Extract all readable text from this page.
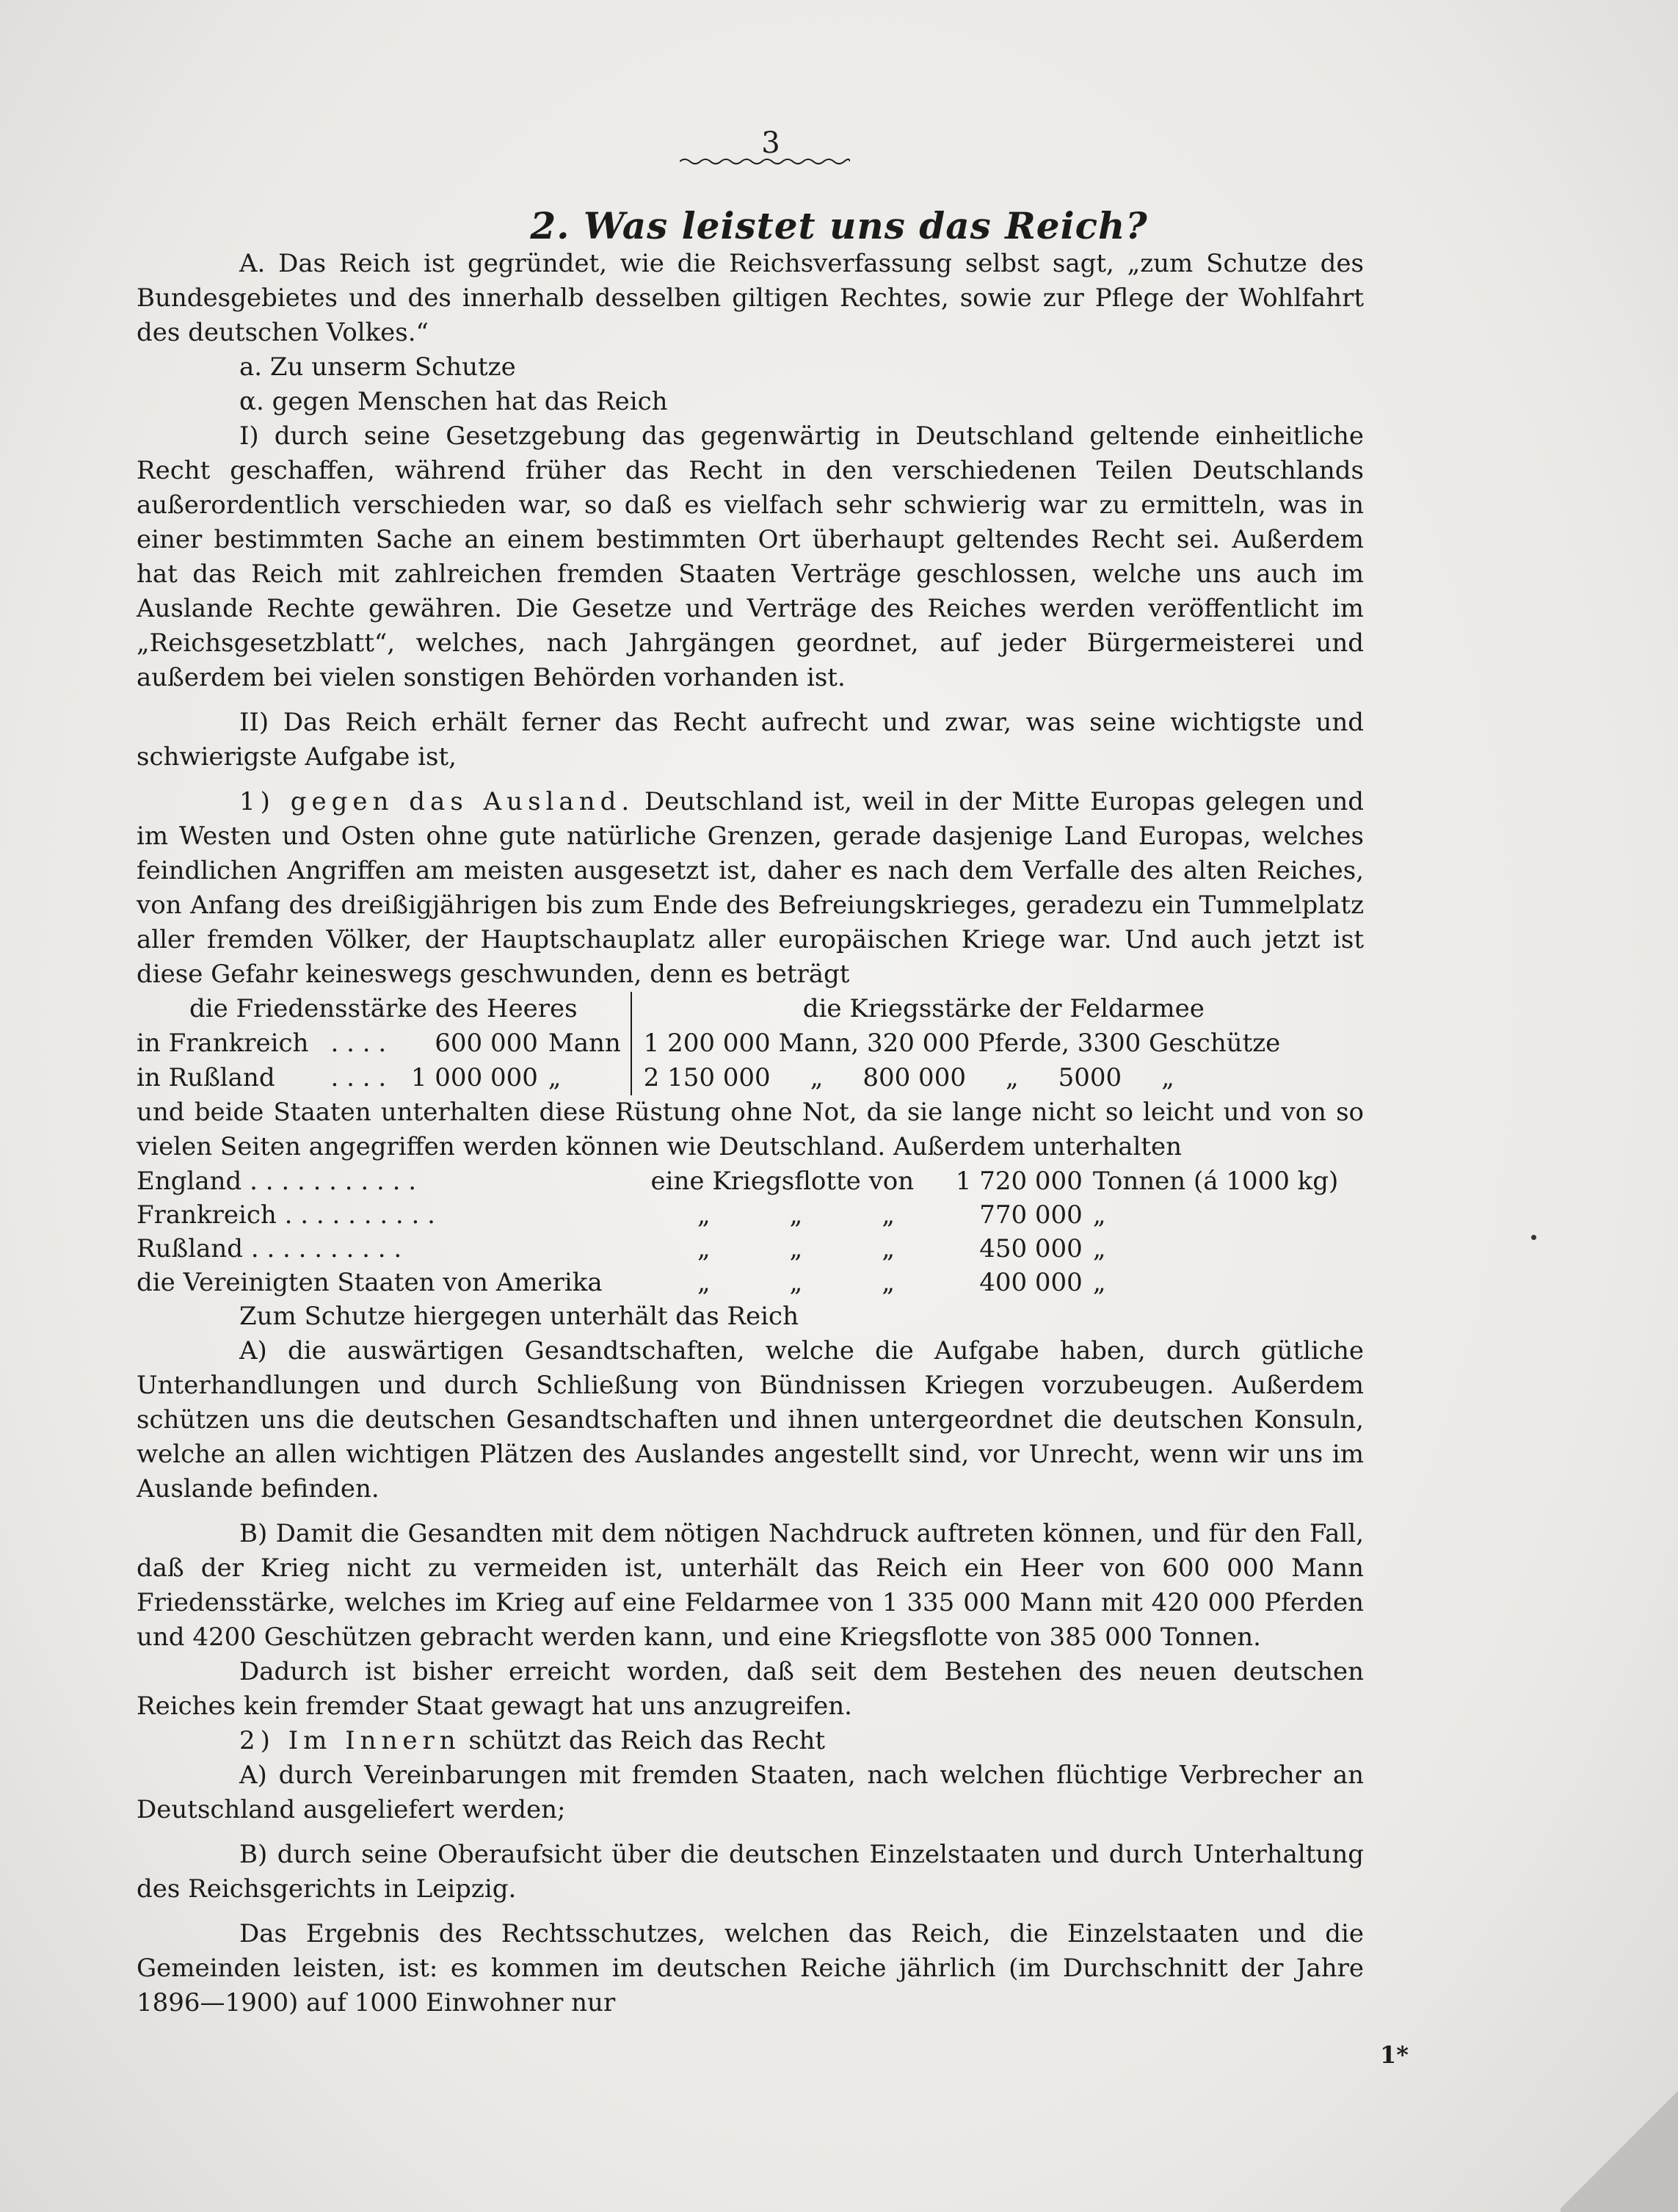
3
2. Was leistet uns das Reich?

A. Das Reich ist gegründet, wie die Reichsverfassung selbst sagt, „zum Schutze des Bundesgebietes und des innerhalb desselben giltigen Rechtes, sowie zur Pflege der Wohlfahrt des deutschen Volkes.“

a. Zu unserm Schutze

α. gegen Menschen hat das Reich

I) durch seine Gesetzgebung das gegenwärtig in Deutschland geltende einheitliche Recht geschaffen, während früher das Recht in den verschiedenen Teilen Deutschlands außerordentlich verschieden war, so daß es vielfach sehr schwierig war zu ermitteln, was in einer bestimmten Sache an einem bestimmten Ort überhaupt geltendes Recht sei. Außerdem hat das Reich mit zahlreichen fremden Staaten Verträge geschlossen, welche uns auch im Auslande Rechte gewähren. Die Gesetze und Verträge des Reiches werden veröffentlicht im „Reichsgesetzblatt“, welches, nach Jahrgängen geordnet, auf jeder Bürgermeisterei und außerdem bei vielen sonstigen Behörden vorhanden ist.

II) Das Reich erhält ferner das Recht aufrecht und zwar, was seine wichtigste und schwierigste Aufgabe ist,

1) gegen das Ausland. Deutschland ist, weil in der Mitte Europas gelegen und im Westen und Osten ohne gute natürliche Grenzen, gerade dasjenige Land Europas, welches feindlichen Angriffen am meisten ausgesetzt ist, daher es nach dem Verfalle des alten Reiches, von Anfang des dreißigjährigen bis zum Ende des Befreiungskrieges, geradezu ein Tummelplatz aller fremden Völker, der Hauptschauplatz aller europäischen Kriege war. Und auch jetzt ist diese Gefahr keineswegs geschwunden, denn es beträgt

die Friedensstärke des Heeres				die Kriegsstärke der Feldarmee
in Frankreich	. . . .	600 000	Mann	1 200 000 Mann, 320 000 Pferde, 3300 Geschütze
in Rußland	. . . .	1 000 000	„	2 150 000     „     800 000     „     5000     „

und beide Staaten unterhalten diese Rüstung ohne Not, da sie lange nicht so leicht und von so vielen Seiten angegriffen werden können wie Deutschland. Außerdem unterhalten

England . . . . . . . . . . .	eine Kriegsflotte von	1 720 000	Tonnen (á 1000 kg)
Frankreich . . . . . . . . . .	„          „          „	770 000	„
Rußland . . . . . . . . . .	„          „          „	450 000	„
die Vereinigten Staaten von Amerika	„          „          „	400 000	„

Zum Schutze hiergegen unterhält das Reich

A) die auswärtigen Gesandtschaften, welche die Aufgabe haben, durch gütliche Unterhandlungen und durch Schließung von Bündnissen Kriegen vorzubeugen. Außerdem schützen uns die deutschen Gesandtschaften und ihnen untergeordnet die deutschen Konsuln, welche an allen wichtigen Plätzen des Auslandes angestellt sind, vor Unrecht, wenn wir uns im Auslande befinden.

B) Damit die Gesandten mit dem nötigen Nachdruck auftreten können, und für den Fall, daß der Krieg nicht zu vermeiden ist, unterhält das Reich ein Heer von 600 000 Mann Friedensstärke, welches im Krieg auf eine Feldarmee von 1 335 000 Mann mit 420 000 Pferden und 4200 Geschützen gebracht werden kann, und eine Kriegsflotte von 385 000 Tonnen.

Dadurch ist bisher erreicht worden, daß seit dem Bestehen des neuen deutschen Reiches kein fremder Staat gewagt hat uns anzugreifen.

2) Im Innern schützt das Reich das Recht

A) durch Vereinbarungen mit fremden Staaten, nach welchen flüchtige Verbrecher an Deutschland ausgeliefert werden;

B) durch seine Oberaufsicht über die deutschen Einzelstaaten und durch Unterhaltung des Reichsgerichts in Leipzig.

Das Ergebnis des Rechtsschutzes, welchen das Reich, die Einzelstaaten und die Gemeinden leisten, ist: es kommen im deutschen Reiche jährlich (im Durchschnitt der Jahre 1896—1900) auf 1000 Einwohner nur

1*
